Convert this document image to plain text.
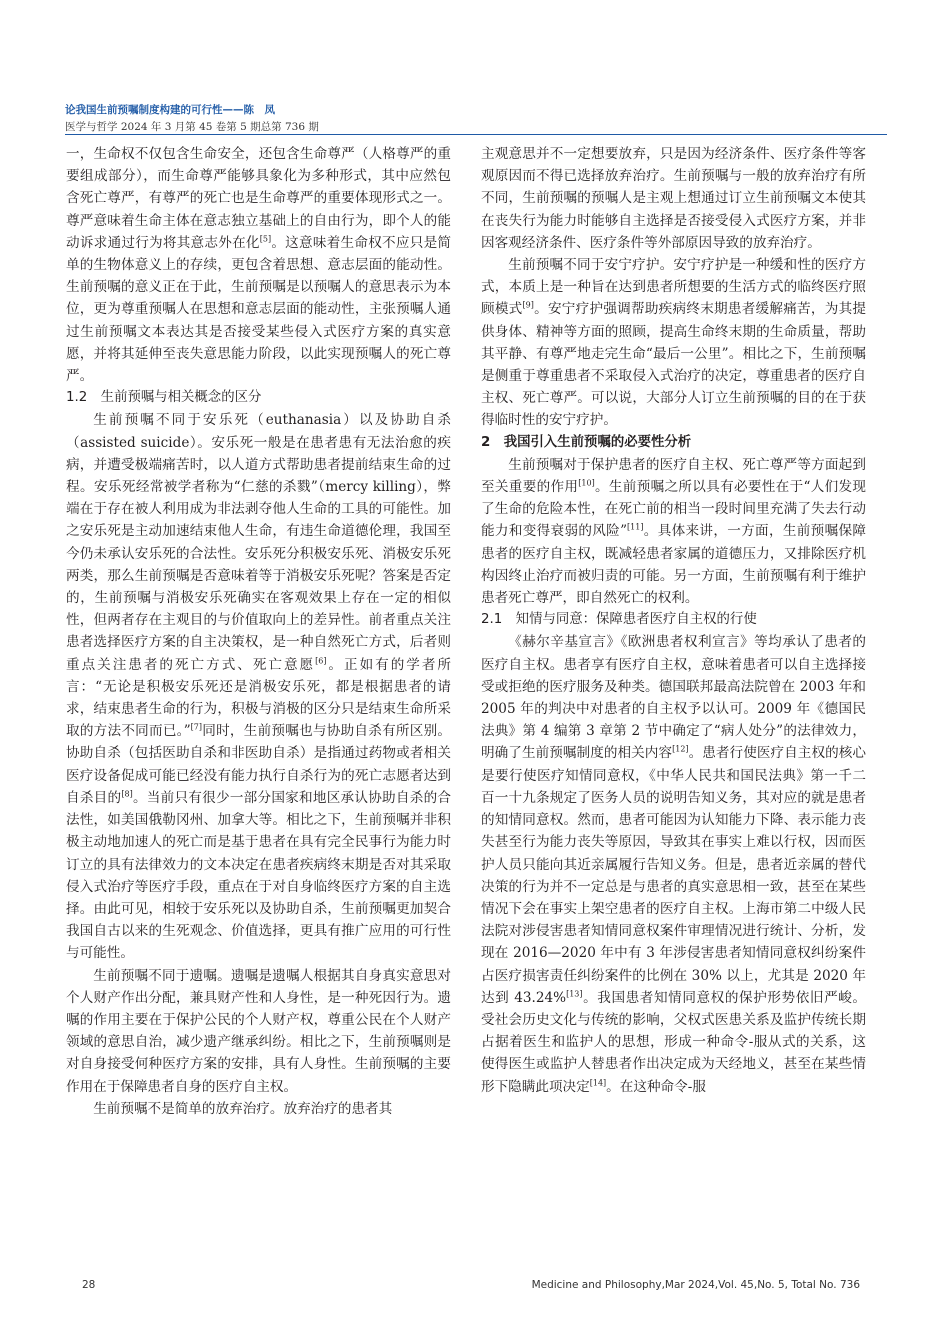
论我国生前预嘱制度构建的可行性——陈　凤
医学与哲学 2024 年 3 月第 45 卷第 5 期总第 736 期

一，生命权不仅包含生命安全，还包含生命尊严（人格尊严的重要组成部分），而生命尊严能够具象化为多种形式，其中应然包含死亡尊严，有尊严的死亡也是生命尊严的重要体现形式之一。尊严意味着生命主体在意志独立基础上的自由行为，即个人的能动诉求通过行为将其意志外在化[5]。这意味着生命权不应只是简单的生物体意义上的存续，更包含着思想、意志层面的能动性。生前预嘱的意义正在于此，生前预嘱是以预嘱人的意思表示为本位，更为尊重预嘱人在思想和意志层面的能动性，主张预嘱人通过生前预嘱文本表达其是否接受某些侵入式医疗方案的真实意愿，并将其延伸至丧失意思能力阶段，以此实现预嘱人的死亡尊严。

1.2　生前预嘱与相关概念的区分

生前预嘱不同于安乐死（euthanasia）以及协助自杀（assisted suicide）。安乐死一般是在患者患有无法治愈的疾病，并遭受极端痛苦时，以人道方式帮助患者提前结束生命的过程。安乐死经常被学者称为“仁慈的杀戮”（mercy killing），弊端在于存在被人利用成为非法剥夺他人生命的工具的可能性。加之安乐死是主动加速结束他人生命，有违生命道德伦理，我国至今仍未承认安乐死的合法性。安乐死分积极安乐死、消极安乐死两类，那么生前预嘱是否意味着等于消极安乐死呢？答案是否定的，生前预嘱与消极安乐死确实在客观效果上存在一定的相似性，但两者存在主观目的与价值取向上的差异性。前者重点关注患者选择医疗方案的自主决策权，是一种自然死亡方式，后者则重点关注患者的死亡方式、死亡意愿[6]。正如有的学者所言：“无论是积极安乐死还是消极安乐死，都是根据患者的请求，结束患者生命的行为，积极与消极的区分只是结束生命所采取的方法不同而已。”[7]同时，生前预嘱也与协助自杀有所区别。协助自杀（包括医助自杀和非医助自杀）是指通过药物或者相关医疗设备促成可能已经没有能力执行自杀行为的死亡志愿者达到自杀目的[8]。当前只有很少一部分国家和地区承认协助自杀的合法性，如美国俄勒冈州、加拿大等。相比之下，生前预嘱并非积极主动地加速人的死亡而是基于患者在具有完全民事行为能力时订立的具有法律效力的文本决定在患者疾病终末期是否对其采取侵入式治疗等医疗手段，重点在于对自身临终医疗方案的自主选择。由此可见，相较于安乐死以及协助自杀，生前预嘱更加契合我国自古以来的生死观念、价值选择，更具有推广应用的可行性与可能性。

生前预嘱不同于遗嘱。遗嘱是遗嘱人根据其自身真实意思对个人财产作出分配，兼具财产性和人身性，是一种死因行为。遗嘱的作用主要在于保护公民的个人财产权，尊重公民在个人财产领域的意思自治，减少遗产继承纠纷。相比之下，生前预嘱则是对自身接受何种医疗方案的安排，具有人身性。生前预嘱的主要作用在于保障患者自身的医疗自主权。

生前预嘱不是简单的放弃治疗。放弃治疗的患者其

主观意思并不一定想要放弃，只是因为经济条件、医疗条件等客观原因而不得已选择放弃治疗。生前预嘱与一般的放弃治疗有所不同，生前预嘱的预嘱人是主观上想通过订立生前预嘱文本使其在丧失行为能力时能够自主选择是否接受侵入式医疗方案，并非因客观经济条件、医疗条件等外部原因导致的放弃治疗。

生前预嘱不同于安宁疗护。安宁疗护是一种缓和性的医疗方式，本质上是一种旨在达到患者所想要的生活方式的临终医疗照顾模式[9]。安宁疗护强调帮助疾病终末期患者缓解痛苦，为其提供身体、精神等方面的照顾，提高生命终末期的生命质量，帮助其平静、有尊严地走完生命“最后一公里”。相比之下，生前预嘱是侧重于尊重患者不采取侵入式治疗的决定，尊重患者的医疗自主权、死亡尊严。可以说，大部分人订立生前预嘱的目的在于获得临时性的安宁疗护。

2　我国引入生前预嘱的必要性分析

生前预嘱对于保护患者的医疗自主权、死亡尊严等方面起到至关重要的作用[10]。生前预嘱之所以具有必要性在于“人们发现了生命的危险本性，在死亡前的相当一段时间里充满了失去行动能力和变得衰弱的风险”[11]。具体来讲，一方面，生前预嘱保障患者的医疗自主权，既减轻患者家属的道德压力，又排除医疗机构因终止治疗而被归责的可能。另一方面，生前预嘱有利于维护患者死亡尊严，即自然死亡的权利。

2.1　知情与同意：保障患者医疗自主权的行使

《赫尔辛基宣言》《欧洲患者权利宣言》等均承认了患者的医疗自主权。患者享有医疗自主权，意味着患者可以自主选择接受或拒绝的医疗服务及种类。德国联邦最高法院曾在 2003 年和 2005 年的判决中对患者的自主权予以认可。2009 年《德国民法典》第 4 编第 3 章第 2 节中确定了“病人处分”的法律效力，明确了生前预嘱制度的相关内容[12]。患者行使医疗自主权的核心是要行使医疗知情同意权，《中华人民共和国民法典》第一千二百一十九条规定了医务人员的说明告知义务，其对应的就是患者的知情同意权。然而，患者可能因为认知能力下降、表示能力丧失甚至行为能力丧失等原因，导致其在事实上难以行权，因而医护人员只能向其近亲属履行告知义务。但是，患者近亲属的替代决策的行为并不一定总是与患者的真实意思相一致，甚至在某些情况下会在事实上架空患者的医疗自主权。上海市第二中级人民法院对涉侵害患者知情同意权案件审理情况进行统计、分析，发现在 2016—2020 年中有 3 年涉侵害患者知情同意权纠纷案件占医疗损害责任纠纷案件的比例在 30% 以上，尤其是 2020 年达到 43.24%[13]。我国患者知情同意权的保护形势依旧严峻。受社会历史文化与传统的影响，父权式医患关系及监护传统长期占据着医生和监护人的思想，形成一种命令-服从式的关系，这使得医生或监护人替患者作出决定成为天经地义，甚至在某些情形下隐瞒此项决定[14]。在这种命令-服

28	Medicine and Philosophy,Mar 2024,Vol. 45,No. 5, Total No. 736
